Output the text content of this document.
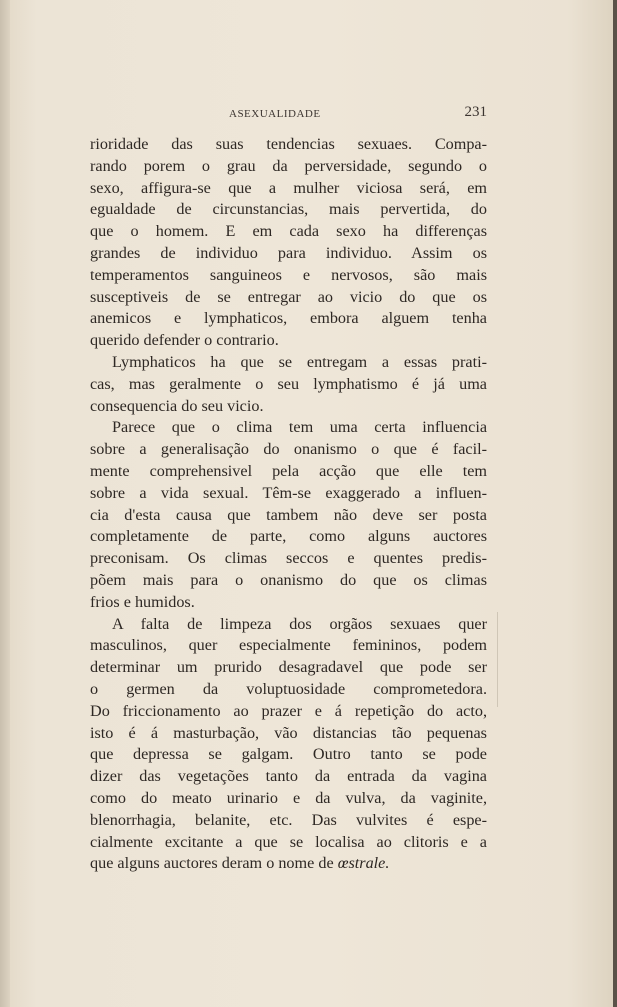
ASEXUALIDADE	231
rioridade das suas tendencias sexuaes. Compa-
rando porem o grau da perversidade, segundo o
sexo, affigura-se que a mulher viciosa será, em
egualdade de circunstancias, mais pervertida, do
que o homem. E em cada sexo ha differenças
grandes de individuo para individuo. Assim os
temperamentos sanguineos e nervosos, são mais
susceptiveis de se entregar ao vicio do que os
anemicos e lymphaticos, embora alguem tenha
querido defender o contrario.
Lymphaticos ha que se entregam a essas prati-
cas, mas geralmente o seu lymphatismo é já uma
consequencia do seu vicio.
Parece que o clima tem uma certa influencia
sobre a generalisação do onanismo o que é facil-
mente comprehensivel pela acção que elle tem
sobre a vida sexual. Têm-se exaggerado a influen-
cia d'esta causa que tambem não deve ser posta
completamente de parte, como alguns auctores
preconisam. Os climas seccos e quentes predis-
põem mais para o onanismo do que os climas
frios e humidos.
A falta de limpeza dos orgãos sexuaes quer
masculinos, quer especialmente femininos, podem
determinar um prurido desagradavel que pode ser
o germen da voluptuosidade comprometedora.
Do friccionamento ao prazer e á repetição do acto,
isto é á masturbação, vão distancias tão pequenas
que depressa se galgam. Outro tanto se pode
dizer das vegetações tanto da entrada da vagina
como do meato urinario e da vulva, da vaginite,
blenorrhagia, belanite, etc. Das vulvites é espe-
cialmente excitante a que se localisa ao clitoris e a
que alguns auctores deram o nome de œstrale.
